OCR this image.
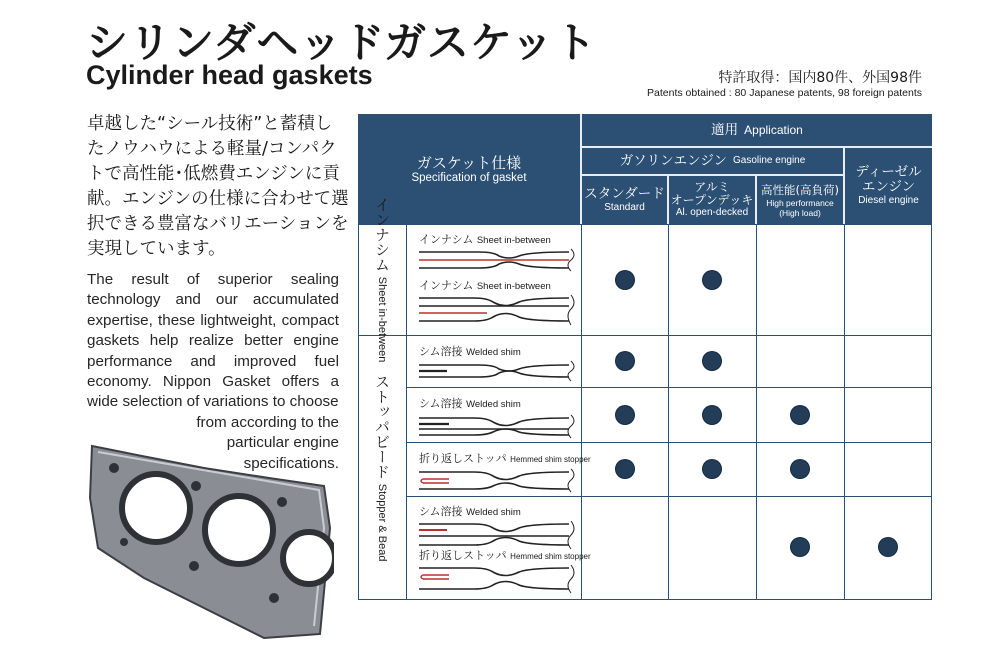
シリンダヘッドガスケット
Cylinder head gaskets	特許取得：国内80件、外国98件
Patents obtained : 80 Japanese patents, 98 foreign patents

卓越した“シール技術”と蓄積したノウハウによる軽量/コンパクトで高性能･低燃費エンジンに貢献。エンジンの仕様に合わせて選択できる豊富なバリエーションを実現しています。

The result of superior sealing technology and our accumulated expertise, these lightweight, compact gaskets help realize better engine performance and improved fuel economy. Nippon Gasket offers a wide selection of variations to choose
from according to the
particular engine
specifications.

ガスケット仕様
Specification of gasket
適用 Application
ガソリンエンジン Gasoline engine
スタンダード
Standard
アルミ
オープンデッキ
Al. open-decked
高性能(高負荷)
High performance
(High load)
ディーゼル
エンジン
Diesel engine
インナシム Sheet in-between
ストッパビード Stopper & Bead
インナシム Sheet in-between
インナシム Sheet in-between
シム溶接 Welded shim
シム溶接 Welded shim
折り返しストッパ Hemmed shim stopper
シム溶接 Welded shim
折り返しストッパ Hemmed shim stopper
